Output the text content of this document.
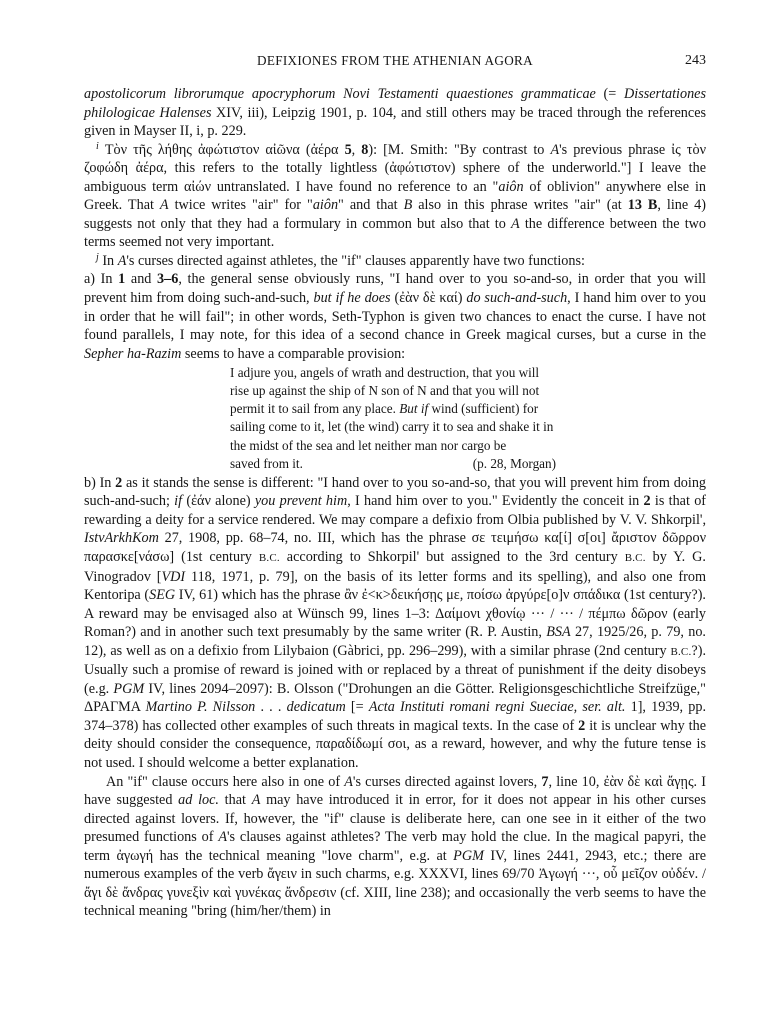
DEFIXIONES FROM THE ATHENIAN AGORA	243

apostolicorum librorumque apocryphorum Novi Testamenti quaestiones grammaticae (= Dissertationes philologicae Halenses XIV, iii), Leipzig 1901, p. 104, and still others may be traced through the references given in Mayser II, i, p. 229.

$^i$ Τὸν τῆς λήθης ἀφώτιστον αἰῶνα (ἀέρα 5, 8): [M. Smith: "By contrast to A's previous phrase ἰς τὸν ζοφώδη ἀέρα, this refers to the totally lightless (ἀφώτιστον) sphere of the underworld."] I leave the ambiguous term αἰών untranslated. I have found no reference to an "aiôn of oblivion" anywhere else in Greek. That A twice writes "air" for "aiôn" and that B also in this phrase writes "air" (at 13 B, line 4) suggests not only that they had a formulary in common but also that to A the difference between the two terms seemed not very important.

$^j$ In A's curses directed against athletes, the "if" clauses apparently have two functions:

a) In 1 and 3–6, the general sense obviously runs, "I hand over to you so-and-so, in order that you will prevent him from doing such-and-such, but if he does (ἐὰν δὲ καί) do such-and-such, I hand him over to you in order that he will fail"; in other words, Seth-Typhon is given two chances to enact the curse. I have not found parallels, I may note, for this idea of a second chance in Greek magical curses, but a curse in the Sepher ha-Razim seems to have a comparable provision:

I adjure you, angels of wrath and destruction, that you will rise up against the ship of N son of N and that you will not permit it to sail from any place. But if wind (sufficient) for sailing come to it, let (the wind) carry it to sea and shake it in the midst of the sea and let neither man nor cargo be
saved from it.	(p. 28, Morgan)

b) In 2 as it stands the sense is different: "I hand over to you so-and-so, that you will prevent him from doing such-and-such; if (ἐάν alone) you prevent him, I hand him over to you." Evidently the conceit in 2 is that of rewarding a deity for a service rendered. We may compare a defixio from Olbia published by V. V. Shkorpil', IstvArkhKom 27, 1908, pp. 68–74, no. III, which has the phrase σε τειμήσω κα[ί] σ[οι] ἄριστον δῶρρον παρασκε[νάσω] (1st century B.C. according to Shkorpil' but assigned to the 3rd century B.C. by Y. G. Vinogradov [VDI 118, 1971, p. 79], on the basis of its letter forms and its spelling), and also one from Kentoripa (SEG IV, 61) which has the phrase ἂν ἐ<κ>δεικήσῃς με, ποίσω ἀργύρε[ο]ν σπάδικα (1st century?). A reward may be envisaged also at Wünsch 99, lines 1–3: Δαίμονι χθονίῳ ··· / ··· / πέμπω δῶρον (early Roman?) and in another such text presumably by the same writer (R. P. Austin, BSA 27, 1925/26, p. 79, no. 12), as well as on a defixio from Lilybaion (Gàbrici, pp. 296–299), with a similar phrase (2nd century B.C.?). Usually such a promise of reward is joined with or replaced by a threat of punishment if the deity disobeys (e.g. PGM IV, lines 2094–2097): B. Olsson ("Drohungen an die Götter. Religionsgeschichtliche Streifzüge," ΔΡΑΓΜΑ Martino P. Nilsson . . . dedicatum [= Acta Instituti romani regni Sueciae, ser. alt. 1], 1939, pp. 374–378) has collected other examples of such threats in magical texts. In the case of 2 it is unclear why the deity should consider the consequence, παραδίδωμί σοι, as a reward, however, and why the future tense is not used. I should welcome a better explanation.

An "if" clause occurs here also in one of A's curses directed against lovers, 7, line 10, ἐὰν δὲ καὶ ἄγῃς. I have suggested ad loc. that A may have introduced it in error, for it does not appear in his other curses directed against lovers. If, however, the "if" clause is deliberate here, can one see in it either of the two presumed functions of A's clauses against athletes? The verb may hold the clue. In the magical papyri, the term ἀγωγή has the technical meaning "love charm", e.g. at PGM IV, lines 2441, 2943, etc.; there are numerous examples of the verb ἄγειν in such charms, e.g. XXXVI, lines 69/70 Ἀγωγή ···, οὗ μεῖζον οὐδέν. / ἄγι δὲ ἄνδρας γυνεξὶν καὶ γυνέκας ἄνδρεσιν (cf. XIII, line 238); and occasionally the verb seems to have the technical meaning "bring (him/her/them) in
